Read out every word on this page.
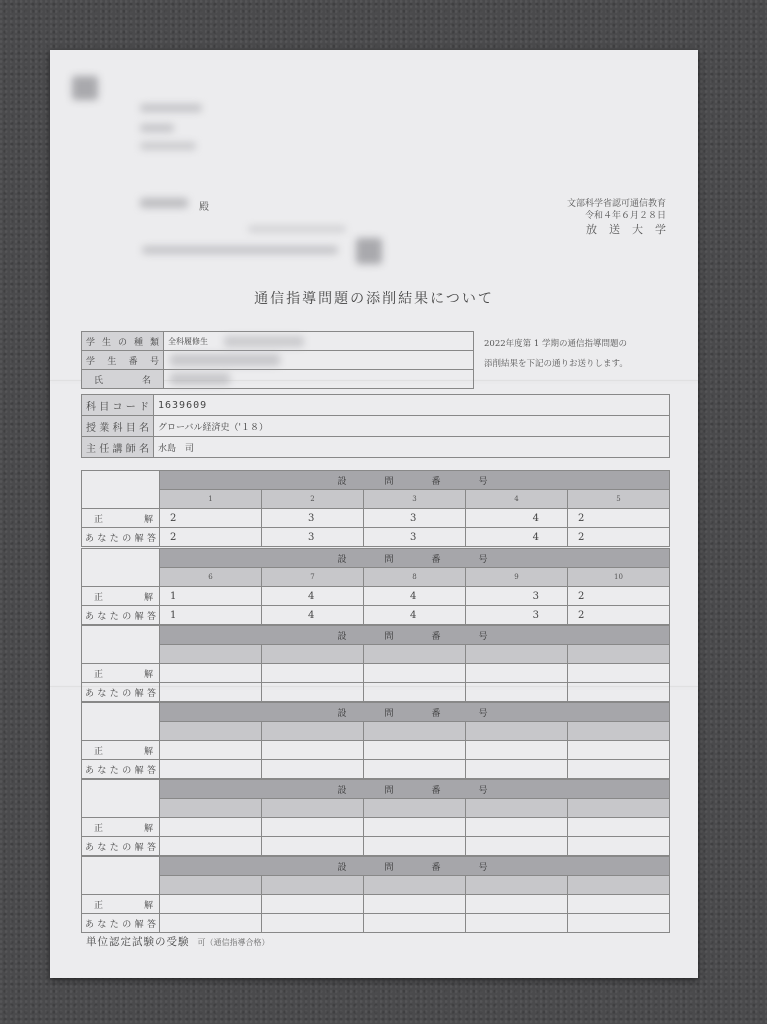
殿	文部科学省認可通信教育
令和４年６月２８日
放送大学
通信指導問題の添削結果について
2022年度第 1 学期の通信指導問題の
添削結果を下記の通りお送りします。
学生の種類	全科履修生

学生番号	

氏名	

科目コード	1639609

授業科目名	グローバル経済史（'１８）

主任講師名	水島　司
	設問番号				
	1	2	3	4	5
正解	2	3	3	4	2
あなたの解答	2	3	3	4	2
	設問番号				
	6	7	8	9	10
正解	1	4	4	3	2
あなたの解答	1	4	4	3	2
	設問番号				

正解					
あなたの解答					
	設問番号				

正解					
あなたの解答					
	設問番号				

正解					
あなたの解答					
	設問番号				

正解					
あなたの解答					
単位認定試験の受験 可（通信指導合格）
